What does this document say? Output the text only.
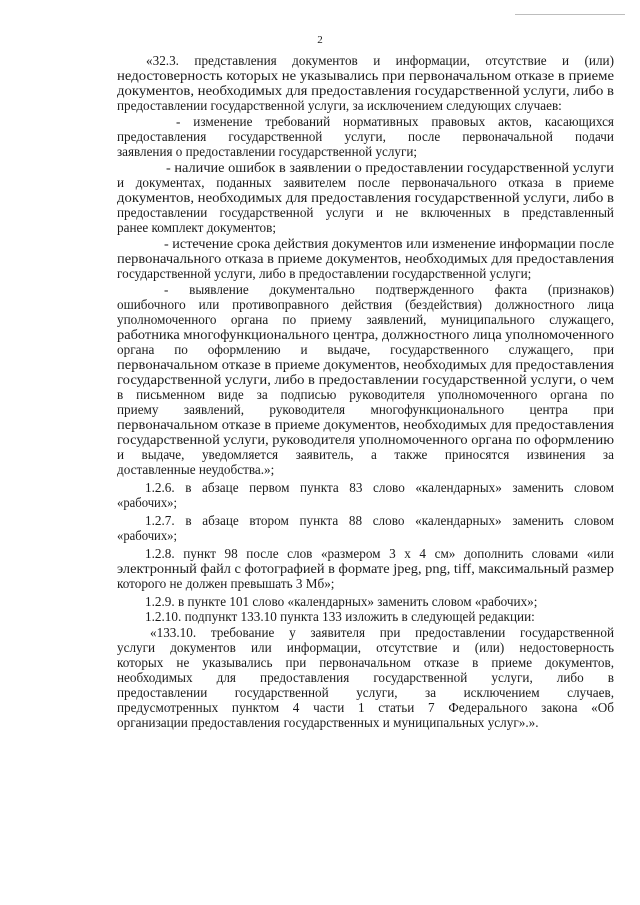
2
«32.3. представления документов и информации, отсутствие и (или)
недостоверность которых не указывались при первоначальном отказе в приеме
документов, необходимых для предоставления государственной услуги, либо в
предоставлении государственной услуги, за исключением следующих случаев:
- изменение требований нормативных правовых актов, касающихся
предоставления государственной услуги, после первоначальной подачи
заявления о предоставлении государственной услуги;
- наличие ошибок в заявлении о предоставлении государственной услуги
и документах, поданных заявителем после первоначального отказа в приеме
документов, необходимых для предоставления государственной услуги, либо в
предоставлении государственной услуги и не включенных в представленный
ранее комплект документов;
- истечение срока действия документов или изменение информации после
первоначального отказа в приеме документов, необходимых для предоставления
государственной услуги, либо в предоставлении государственной услуги;
- выявление документально подтвержденного факта (признаков)
ошибочного или противоправного действия (бездействия) должностного лица
уполномоченного органа по приему заявлений, муниципального служащего,
работника многофункционального центра, должностного лица уполномоченного
органа по оформлению и выдаче, государственного служащего, при
первоначальном отказе в приеме документов, необходимых для предоставления
государственной услуги, либо в предоставлении государственной услуги, о чем
в письменном виде за подписью руководителя уполномоченного органа по
приему заявлений, руководителя многофункционального центра при
первоначальном отказе в приеме документов, необходимых для предоставления
государственной услуги, руководителя уполномоченного органа по оформлению
и выдаче, уведомляется заявитель, а также приносятся извинения за
доставленные неудобства.»;
1.2.6. в абзаце первом пункта 83 слово «календарных» заменить словом
«рабочих»;
1.2.7. в абзаце втором пункта 88 слово «календарных» заменить словом
«рабочих»;
1.2.8. пункт 98 после слов «размером 3 х 4 см» дополнить словами «или
электронный файл с фотографией в формате jpeg, png, tiff, максимальный размер
которого не должен превышать 3 Мб»;
1.2.9. в пункте 101 слово «календарных» заменить словом «рабочих»;
1.2.10. подпункт 133.10 пункта 133 изложить в следующей редакции:
«133.10. требование у заявителя при предоставлении государственной
услуги документов или информации, отсутствие и (или) недостоверность
которых не указывались при первоначальном отказе в приеме документов,
необходимых для предоставления государственной услуги, либо в
предоставлении государственной услуги, за исключением случаев,
предусмотренных пунктом 4 части 1 статьи 7 Федерального закона «Об
организации предоставления государственных и муниципальных услуг».».
